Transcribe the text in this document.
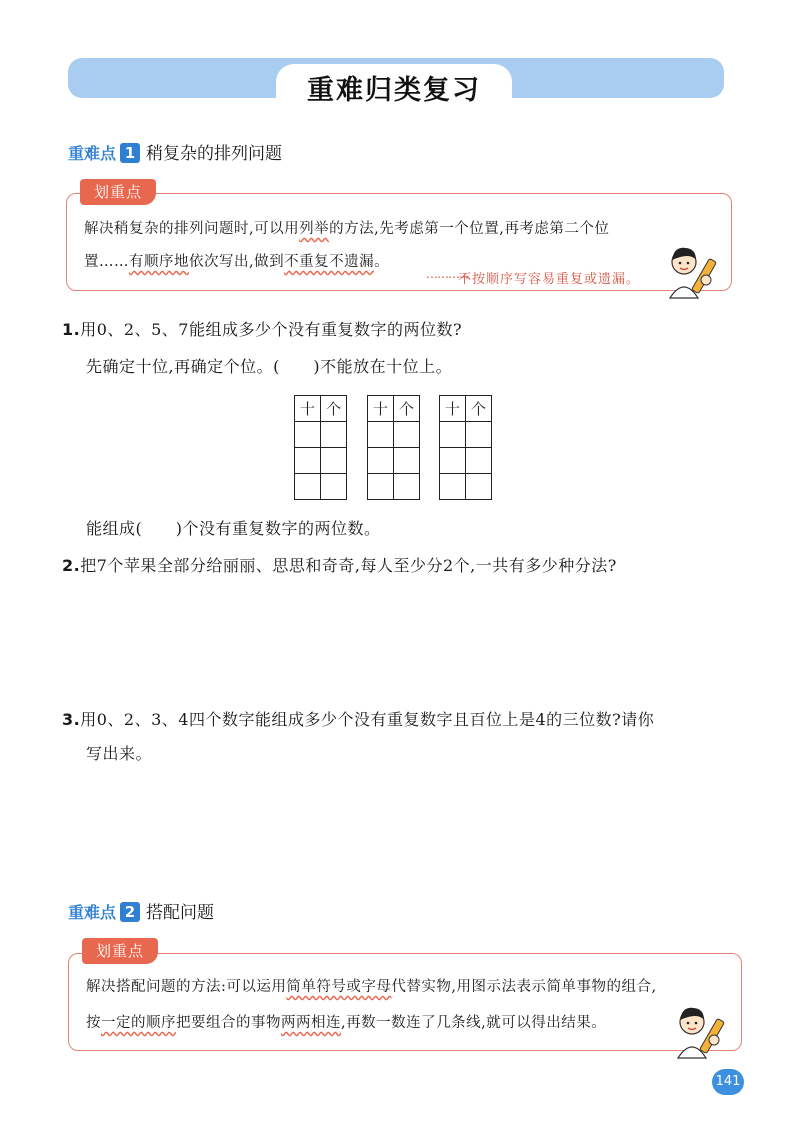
重难归类复习
重难点 1 稍复杂的排列问题
划重点
解决稍复杂的排列问题时,可以用列举的方法,先考虑第一个位置,再考虑第二个位
置……有顺序地依次写出,做到不重复不遗漏。
⋯⋯⋯→
不按顺序写容易重复或遗漏。
1.用0、2、5、7能组成多少个没有重复数字的两位数?
先确定十位,再确定个位。(      )不能放在十位上。
十	个

	十	个

	十	个

能组成(      )个没有重复数字的两位数。
2.把7个苹果全部分给丽丽、思思和奇奇,每人至少分2个,一共有多少种分法?
3.用0、2、3、4四个数字能组成多少个没有重复数字且百位上是4的三位数?请你
写出来。
重难点 2 搭配问题
划重点
解决搭配问题的方法:可以运用简单符号或字母代替实物,用图示法表示简单事物的组合,
按一定的顺序把要组合的事物两两相连,再数一数连了几条线,就可以得出结果。
141
